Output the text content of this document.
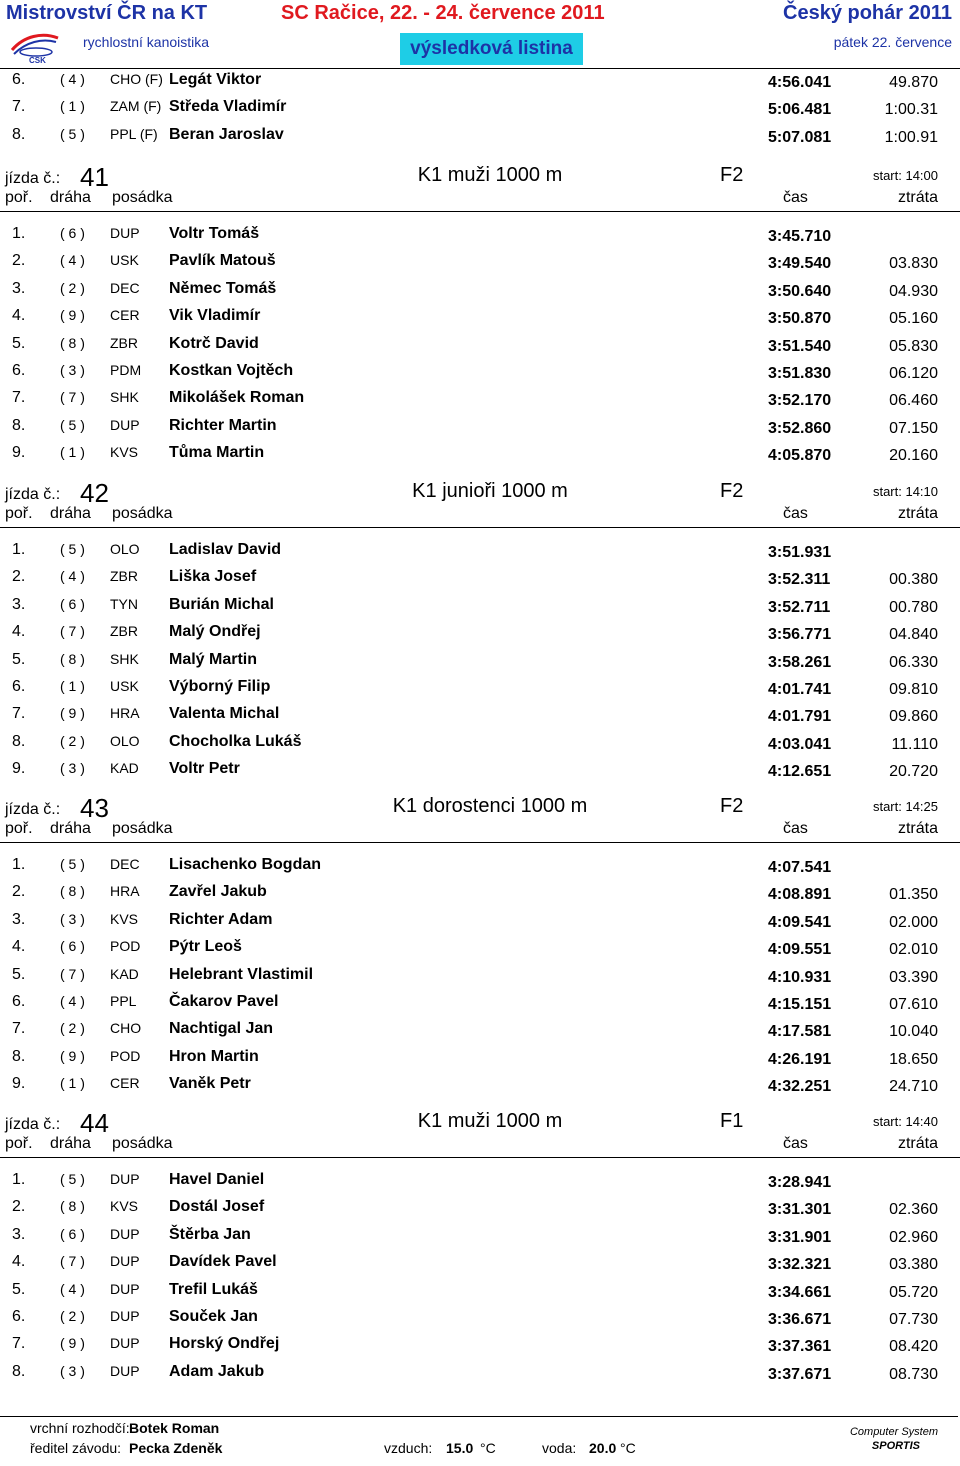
Mistrovství ČR na KT	SC Račice, 22. - 24. července 2011	Český pohár 2011
ČSK
rychlostní kanoistika	výsledková listina	pátek 22. července
6. ( 4 ) CHO (F) Legát Viktor	4:56.041	49.870
7. ( 1 ) ZAM (F) Středa Vladimír	5:06.481	1:00.31
8. ( 5 ) PPL (F) Beran Jaroslav	5:07.081	1:00.91
jízda č.: 41	K1 muži 1000 m	F2	start: 14:00
poř. dráha posádka	čas	ztráta
1. ( 6 ) DUP Voltr Tomáš	3:45.710
2. ( 4 ) USK Pavlík Matouš	3:49.540	03.830
3. ( 2 ) DEC Němec Tomáš	3:50.640	04.930
4. ( 9 ) CER Vik Vladimír	3:50.870	05.160
5. ( 8 ) ZBR Kotrč David	3:51.540	05.830
6. ( 3 ) PDM Kostkan Vojtěch	3:51.830	06.120
7. ( 7 ) SHK Mikolášek Roman	3:52.170	06.460
8. ( 5 ) DUP Richter Martin	3:52.860	07.150
9. ( 1 ) KVS Tůma Martin	4:05.870	20.160
jízda č.: 42	K1 junioři 1000 m	F2	start: 14:10
poř. dráha posádka	čas	ztráta
1. ( 5 ) OLO Ladislav David	3:51.931
2. ( 4 ) ZBR Liška Josef	3:52.311	00.380
3. ( 6 ) TYN Burián Michal	3:52.711	00.780
4. ( 7 ) ZBR Malý Ondřej	3:56.771	04.840
5. ( 8 ) SHK Malý Martin	3:58.261	06.330
6. ( 1 ) USK Výborný Filip	4:01.741	09.810
7. ( 9 ) HRA Valenta Michal	4:01.791	09.860
8. ( 2 ) OLO Chocholka Lukáš	4:03.041	11.110
9. ( 3 ) KAD Voltr Petr	4:12.651	20.720
jízda č.: 43	K1 dorostenci 1000 m	F2	start: 14:25
poř. dráha posádka	čas	ztráta
1. ( 5 ) DEC Lisachenko Bogdan	4:07.541
2. ( 8 ) HRA Zavřel Jakub	4:08.891	01.350
3. ( 3 ) KVS Richter Adam	4:09.541	02.000
4. ( 6 ) POD Pýtr Leoš	4:09.551	02.010
5. ( 7 ) KAD Helebrant Vlastimil	4:10.931	03.390
6. ( 4 ) PPL Čakarov Pavel	4:15.151	07.610
7. ( 2 ) CHO Nachtigal Jan	4:17.581	10.040
8. ( 9 ) POD Hron Martin	4:26.191	18.650
9. ( 1 ) CER Vaněk Petr	4:32.251	24.710
jízda č.: 44	K1 muži 1000 m	F1	start: 14:40
poř. dráha posádka	čas	ztráta
1. ( 5 ) DUP Havel Daniel	3:28.941
2. ( 8 ) KVS Dostál Josef	3:31.301	02.360
3. ( 6 ) DUP Štěrba Jan	3:31.901	02.960
4. ( 7 ) DUP Davídek Pavel	3:32.321	03.380
5. ( 4 ) DUP Trefil Lukáš	3:34.661	05.720
6. ( 2 ) DUP Souček Jan	3:36.671	07.730
7. ( 9 ) DUP Horský Ondřej	3:37.361	08.420
8. ( 3 ) DUP Adam Jakub	3:37.671	08.730
vrchní rozhodčí: Botek Roman
ředitel závodu: Pecka Zdeněk	vzduch: 15.0 °C	voda: 20.0 °C
Computer System
SPORTIS
